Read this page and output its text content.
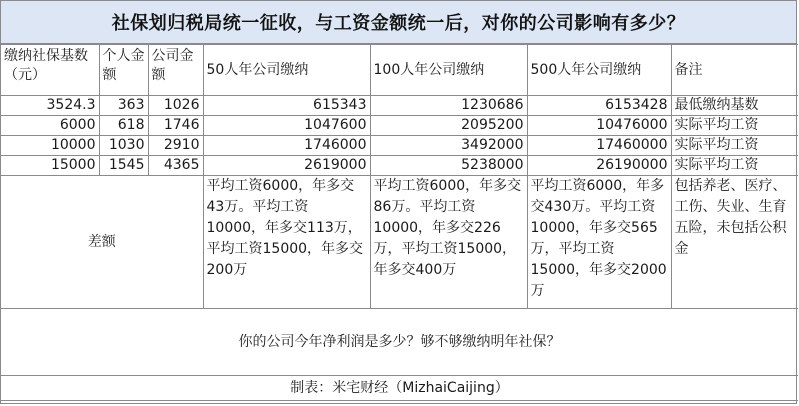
社保划归税局统一征收，与工资金额统一后，对你的公司影响有多少？
缴纳社保基数（元）	个人金额	公司金额	50人年公司缴纳	100人年公司缴纳	500人年公司缴纳	备注
3524.3	363	1026	615343	1230686	6153428	最低缴纳基数
6000	618	1746	1047600	2095200	10476000	实际平均工资
10000	1030	2910	1746000	3492000	17460000	实际平均工资
15000	1545	4365	2619000	5238000	26190000	实际平均工资
差额			平均工资6000，年多交43万。平均工资10000，年多交113万，平均工资15000，年多交200万	平均工资6000，年多交86万。平均工资10000，年多交226万，平均工资15000，年多交400万	平均工资6000，年多交430万。平均工资10000，年多交565万，平均工资15000，年多交2000万	包括养老、医疗、工伤、失业、生育五险，未包括公积金
你的公司今年净利润是多少？够不够缴纳明年社保？						
制表：米宅财经（MizhaiCaijing）						
